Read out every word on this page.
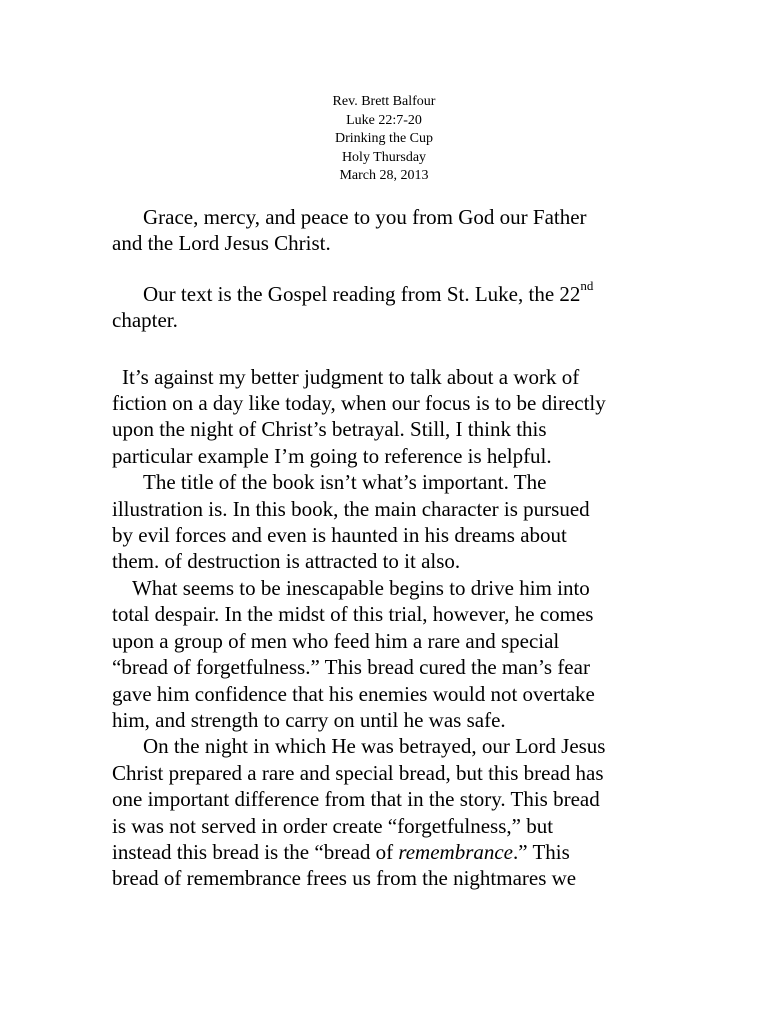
Rev. Brett Balfour
Luke 22:7-20
Drinking the Cup
Holy Thursday
March 28, 2013

Grace, mercy, and peace to you from God our Father

and the Lord Jesus Christ.

Our text is the Gospel reading from St. Luke, the 22nd

chapter.

It’s against my better judgment to talk about a work of

fiction on a day like today, when our focus is to be directly

upon the night of Christ’s betrayal. Still, I think this

particular example I’m going to reference is helpful.

The title of the book isn’t what’s important. The

illustration is. In this book, the main character is pursued

by evil forces and even is haunted in his dreams about

them. of destruction is attracted to it also.

What seems to be inescapable begins to drive him into

total despair. In the midst of this trial, however, he comes

upon a group of men who feed him a rare and special

“bread of forgetfulness.” This bread cured the man’s fear

gave him confidence that his enemies would not overtake

him, and strength to carry on until he was safe.

On the night in which He was betrayed, our Lord Jesus

Christ prepared a rare and special bread, but this bread has

one important difference from that in the story. This bread

is was not served in order create “forgetfulness,” but

instead this bread is the “bread of remembrance.” This

bread of remembrance frees us from the nightmares we
